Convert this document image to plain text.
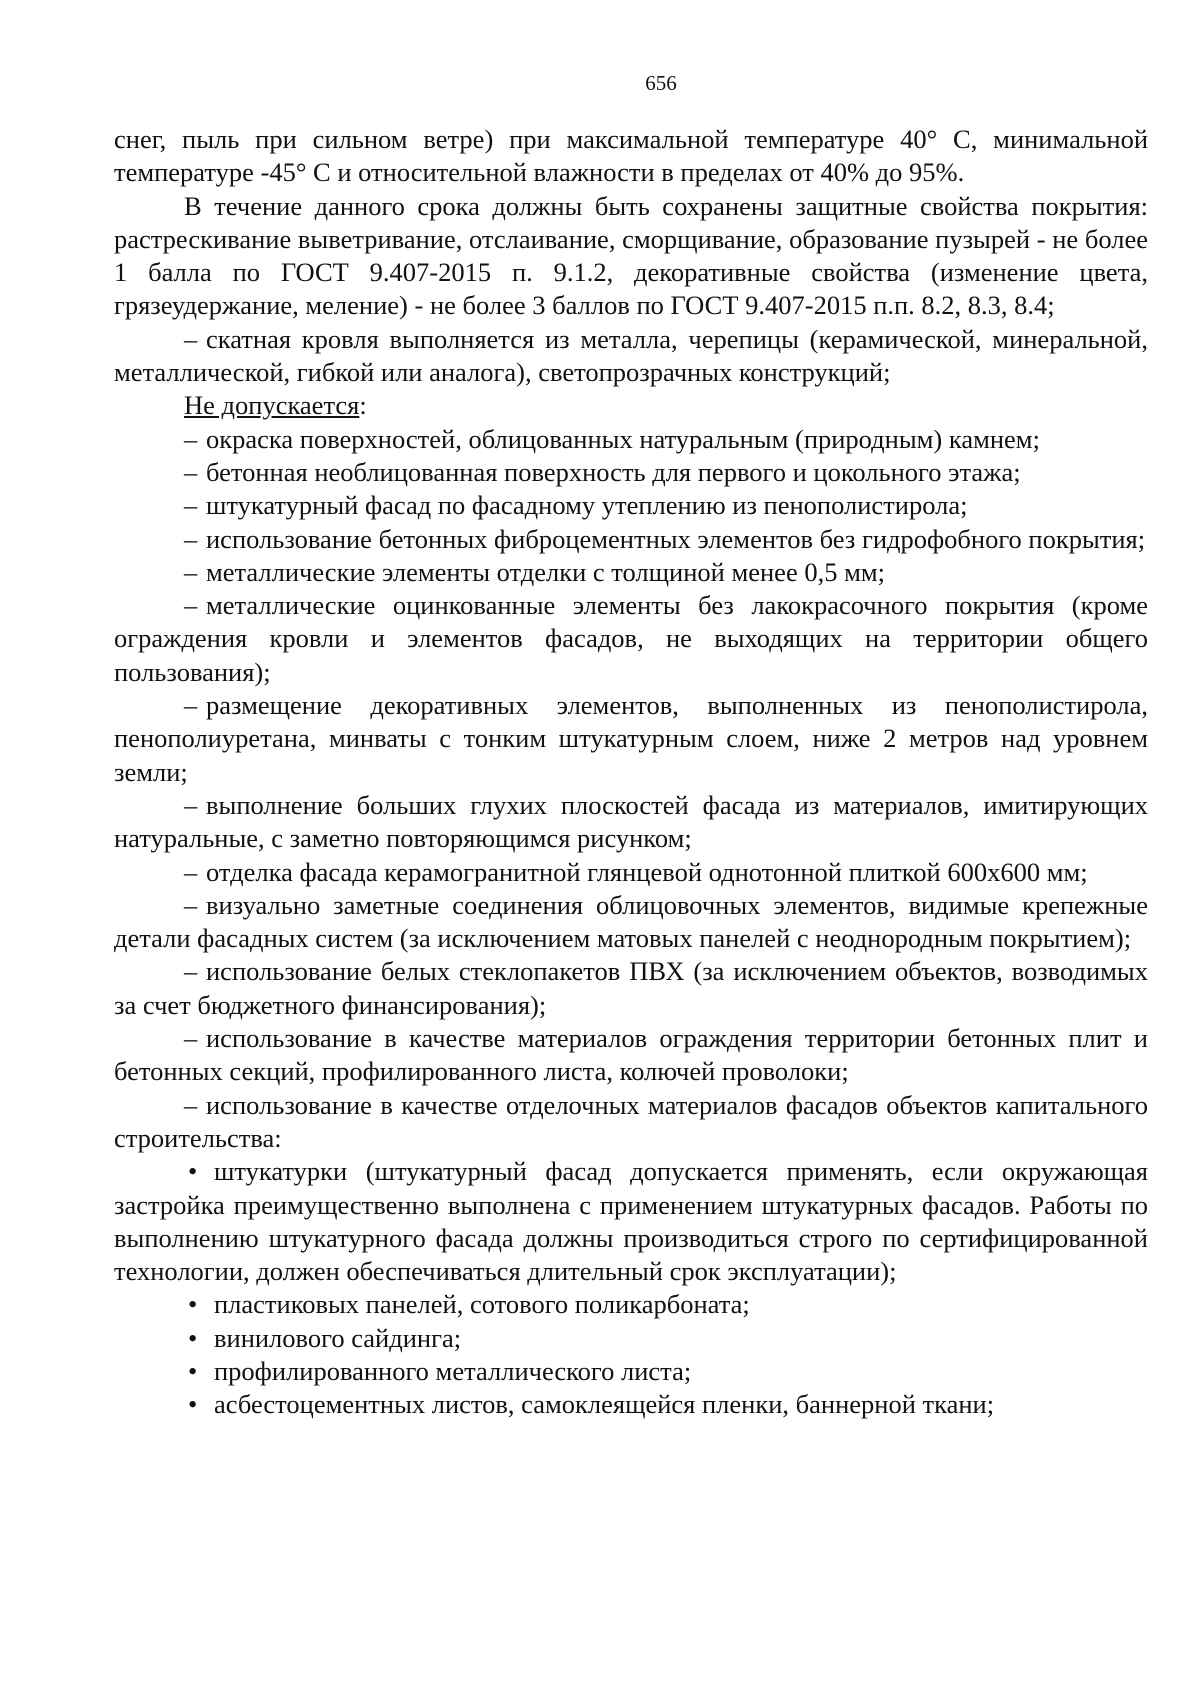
656

снег, пыль при сильном ветре) при максимальной температуре 40° С, минимальной температуре -45° С и относительной влажности в пределах от 40% до 95%.

В течение данного срока должны быть сохранены защитные свойства покрытия: растрескивание выветривание, отслаивание, сморщивание, образование пузырей - не более 1 балла по ГОСТ 9.407-2015 п. 9.1.2, декоративные свойства (изменение цвета, грязеудержание, меление) - не более 3 баллов по ГОСТ 9.407-2015 п.п. 8.2, 8.3, 8.4;

– скатная кровля выполняется из металла, черепицы (керамической, минеральной, металлической, гибкой или аналога), светопрозрачных конструкций;

Не допускается:

– окраска поверхностей, облицованных натуральным (природным) камнем;

– бетонная необлицованная поверхность для первого и цокольного этажа;

– штукатурный фасад по фасадному утеплению из пенополистирола;

– использование бетонных фиброцементных элементов без гидрофобного покрытия;

– металлические элементы отделки с толщиной менее 0,5 мм;

– металлические оцинкованные элементы без лакокрасочного покрытия (кроме ограждения кровли и элементов фасадов, не выходящих на территории общего пользования);

– размещение декоративных элементов, выполненных из пенополистирола, пенополиуретана, минваты с тонким штукатурным слоем, ниже 2 метров над уровнем земли;

– выполнение больших глухих плоскостей фасада из материалов, имитирующих натуральные, с заметно повторяющимся рисунком;

– отделка фасада керамогранитной глянцевой однотонной плиткой 600х600 мм;

– визуально заметные соединения облицовочных элементов, видимые крепежные детали фасадных систем (за исключением матовых панелей с неоднородным покрытием);

– использование белых стеклопакетов ПВХ (за исключением объектов, возводимых за счет бюджетного финансирования);

– использование в качестве материалов ограждения территории бетонных плит и бетонных секций, профилированного листа, колючей проволоки;

– использование в качестве отделочных материалов фасадов объектов капитального строительства:

• штукатурки (штукатурный фасад допускается применять, если окружающая застройка преимущественно выполнена с применением штукатурных фасадов. Работы по выполнению штукатурного фасада должны производиться строго по сертифицированной технологии, должен обеспечиваться длительный срок эксплуатации);

• пластиковых панелей, сотового поликарбоната;

• винилового сайдинга;

• профилированного металлического листа;

• асбестоцементных листов, самоклеящейся пленки, баннерной ткани;
